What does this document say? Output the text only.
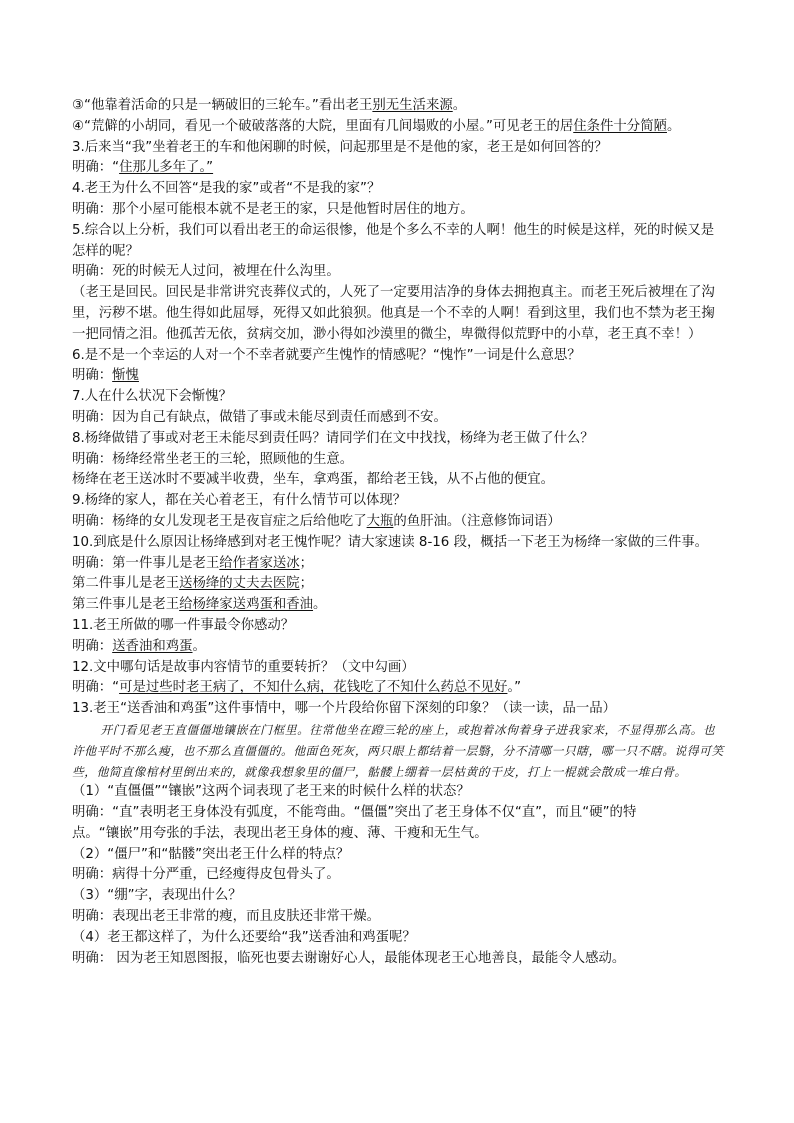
③“他靠着活命的只是一辆破旧的三轮车。”看出老王别无生活来源。
④“荒僻的小胡同，看见一个破破落落的大院，里面有几间塌败的小屋。”可见老王的居住条件十分简陋。
3.后来当“我”坐着老王的车和他闲聊的时候，问起那里是不是他的家，老王是如何回答的？
明确：“住那儿多年了。”
4.老王为什么不回答“是我的家”或者“不是我的家”？
明确：那个小屋可能根本就不是老王的家，只是他暂时居住的地方。
5.综合以上分析，我们可以看出老王的命运很惨，他是个多么不幸的人啊！他生的时候是这样，死的时候又是怎样的呢？
明确：死的时候无人过问，被埋在什么沟里。
（老王是回民。回民是非常讲究丧葬仪式的，人死了一定要用洁净的身体去拥抱真主。而老王死后被埋在了沟里，污秽不堪。他生得如此屈辱，死得又如此狼狈。他真是一个不幸的人啊！看到这里，我们也不禁为老王掬一把同情之泪。他孤苦无依，贫病交加，渺小得如沙漠里的微尘，卑微得似荒野中的小草，老王真不幸！）
6.是不是一个幸运的人对一个不幸者就要产生愧怍的情感呢？“愧怍”一词是什么意思？
明确：惭愧
7.人在什么状况下会惭愧？
明确：因为自己有缺点，做错了事或未能尽到责任而感到不安。
8.杨绛做错了事或对老王未能尽到责任吗？请同学们在文中找找，杨绛为老王做了什么？
明确：杨绛经常坐老王的三轮，照顾他的生意。
杨绛在老王送冰时不要减半收费，坐车，拿鸡蛋，都给老王钱，从不占他的便宜。
9.杨绛的家人，都在关心着老王，有什么情节可以体现？
明确：杨绛的女儿发现老王是夜盲症之后给他吃了大瓶的鱼肝油。（注意修饰词语）
10.到底是什么原因让杨绛感到对老王愧怍呢？请大家速读 8-16 段，概括一下老王为杨绛一家做的三件事。
明确：第一件事儿是老王给作者家送冰；
第二件事儿是老王送杨绛的丈夫去医院；
第三件事儿是老王给杨绛家送鸡蛋和香油。
11.老王所做的哪一件事最令你感动？
明确：送香油和鸡蛋。
12.文中哪句话是故事内容情节的重要转折？（文中勾画）
明确：“可是过些时老王病了，不知什么病，花钱吃了不知什么药总不见好。”
13.老王“送香油和鸡蛋”这件事情中，哪一个片段给你留下深刻的印象？（读一读，品一品）
开门看见老王直僵僵地镶嵌在门框里。往常他坐在蹬三轮的座上，或抱着冰佝着身子进我家来，不显得那么高。也许他平时不那么瘦，也不那么直僵僵的。他面色死灰，两只眼上都结着一层翳，分不清哪一只瞎，哪一只不瞎。说得可笑些，他简直像棺材里倒出来的，就像我想象里的僵尸，骷髅上绷着一层枯黄的干皮，打上一棍就会散成一堆白骨。
（1）“直僵僵”“镶嵌”这两个词表现了老王来的时候什么样的状态？
明确：“直”表明老王身体没有弧度，不能弯曲。“僵僵”突出了老王身体不仅“直”，而且“硬”的特
点。“镶嵌”用夸张的手法，表现出老王身体的瘦、薄、干瘦和无生气。
（2）“僵尸”和“骷髅”突出老王什么样的特点？
明确：病得十分严重，已经瘦得皮包骨头了。
（3）“绷”字，表现出什么？
明确：表现出老王非常的瘦，而且皮肤还非常干燥。
（4）老王都这样了，为什么还要给“我”送香油和鸡蛋呢？
明确： 因为老王知恩图报，临死也要去谢谢好心人，最能体现老王心地善良，最能令人感动。
